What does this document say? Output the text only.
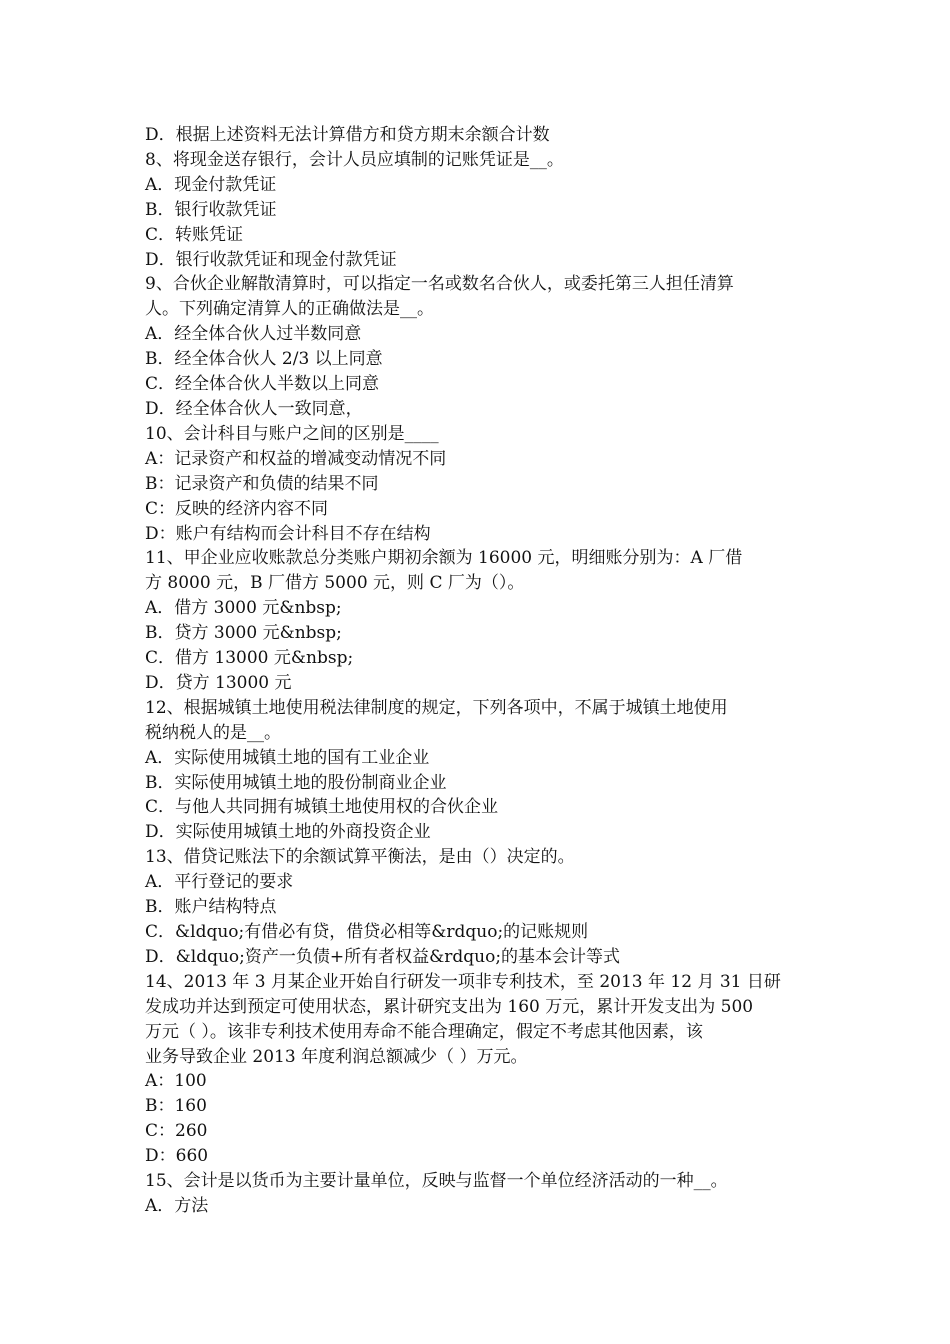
D．根据上述资料无法计算借方和贷方期末余额合计数
8、将现金送存银行，会计人员应填制的记账凭证是__。
A．现金付款凭证
B．银行收款凭证
C．转账凭证
D．银行收款凭证和现金付款凭证
9、合伙企业解散清算时，可以指定一名或数名合伙人，或委托第三人担任清算
人。下列确定清算人的正确做法是__。
A．经全体合伙人过半数同意
B．经全体合伙人 2/3 以上同意
C．经全体合伙人半数以上同意
D．经全体合伙人一致同意，
10、会计科目与账户之间的区别是____
A：记录资产和权益的增减变动情况不同
B：记录资产和负债的结果不同
C：反映的经济内容不同
D：账户有结构而会计科目不存在结构
11、甲企业应收账款总分类账户期初余额为 16000 元，明细账分别为：A 厂借
方 8000 元，B 厂借方 5000 元，则 C 厂为（）。
A．借方 3000 元&nbsp;
B．贷方 3000 元&nbsp;
C．借方 13000 元&nbsp;
D．贷方 13000 元
12、根据城镇土地使用税法律制度的规定，下列各项中，不属于城镇土地使用
税纳税人的是__。
A．实际使用城镇土地的国有工业企业
B．实际使用城镇土地的股份制商业企业
C．与他人共同拥有城镇土地使用权的合伙企业
D．实际使用城镇土地的外商投资企业
13、借贷记账法下的余额试算平衡法，是由（）决定的。
A．平行登记的要求
B．账户结构特点
C．&ldquo;有借必有贷，借贷必相等&rdquo;的记账规则
D．&ldquo;资产一负债+所有者权益&rdquo;的基本会计等式
14、2013 年 3 月某企业开始自行研发一项非专利技术，至 2013 年 12 月 31 日研
发成功并达到预定可使用状态，累计研究支出为 160 万元，累计开发支出为 500
万元（ ）。该非专利技术使用寿命不能合理确定，假定不考虑其他因素，该
业务导致企业 2013 年度利润总额减少（ ）万元。
A：100
B：160
C：260
D：660
15、会计是以货币为主要计量单位，反映与监督一个单位经济活动的一种__。
A．方法
